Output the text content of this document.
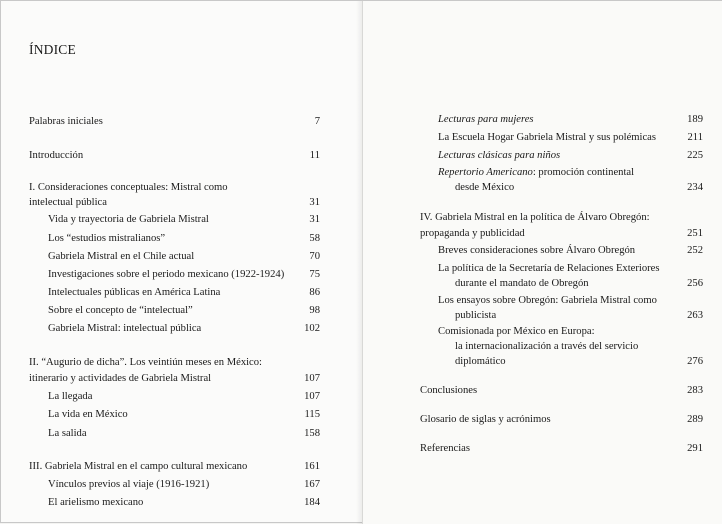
ÍNDICE
Palabras iniciales	7
Introducción	11
I. Consideraciones conceptuales: Mistral como
intelectual pública	31
Vida y trayectoria de Gabriela Mistral	31
Los “estudios mistralianos”	58
Gabriela Mistral en el Chile actual	70
Investigaciones sobre el periodo mexicano (1922-1924)	75
Intelectuales públicas en América Latina	86
Sobre el concepto de “intelectual”	98
Gabriela Mistral: intelectual pública	102
II. “Augurio de dicha”. Los veintiún meses en México:
itinerario y actividades de Gabriela Mistral	107
La llegada	107
La vida en México	115
La salida	158
III. Gabriela Mistral en el campo cultural mexicano	161
Vínculos previos al viaje (1916-1921)	167
El arielismo mexicano	184
Lecturas para mujeres	189
La Escuela Hogar Gabriela Mistral y sus polémicas	211
Lecturas clásicas para niños	225
Repertorio Americano: promoción continental
desde México	234
IV. Gabriela Mistral en la política de Álvaro Obregón:
propaganda y publicidad	251
Breves consideraciones sobre Álvaro Obregón	252
La política de la Secretaría de Relaciones Exteriores
durante el mandato de Obregón	256
Los ensayos sobre Obregón: Gabriela Mistral como
publicista	263
Comisionada por México en Europa:
la internacionalización a través del servicio
diplomático	276
Conclusiones	283
Glosario de siglas y acrónimos	289
Referencias	291
